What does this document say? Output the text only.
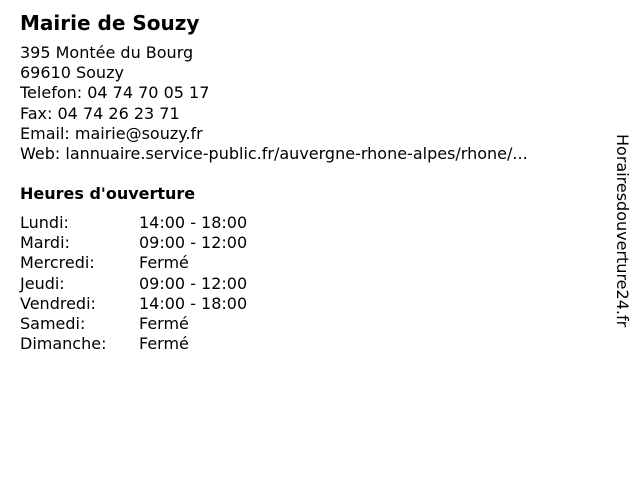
Mairie de Souzy
395 Montée du Bourg
69610 Souzy
Telefon: 04 74 70 05 17
Fax: 04 74 26 23 71
Email: mairie@souzy.fr
Web: lannuaire.service-public.fr/auvergne-rhone-alpes/rhone/...
Heures d'ouverture
Lundi:	14:00 - 18:00
Mardi:	09:00 - 12:00
Mercredi:	Fermé
Jeudi:	09:00 - 12:00
Vendredi:	14:00 - 18:00
Samedi:	Fermé
Dimanche: Fermé
Horairesdouverture24.fr
